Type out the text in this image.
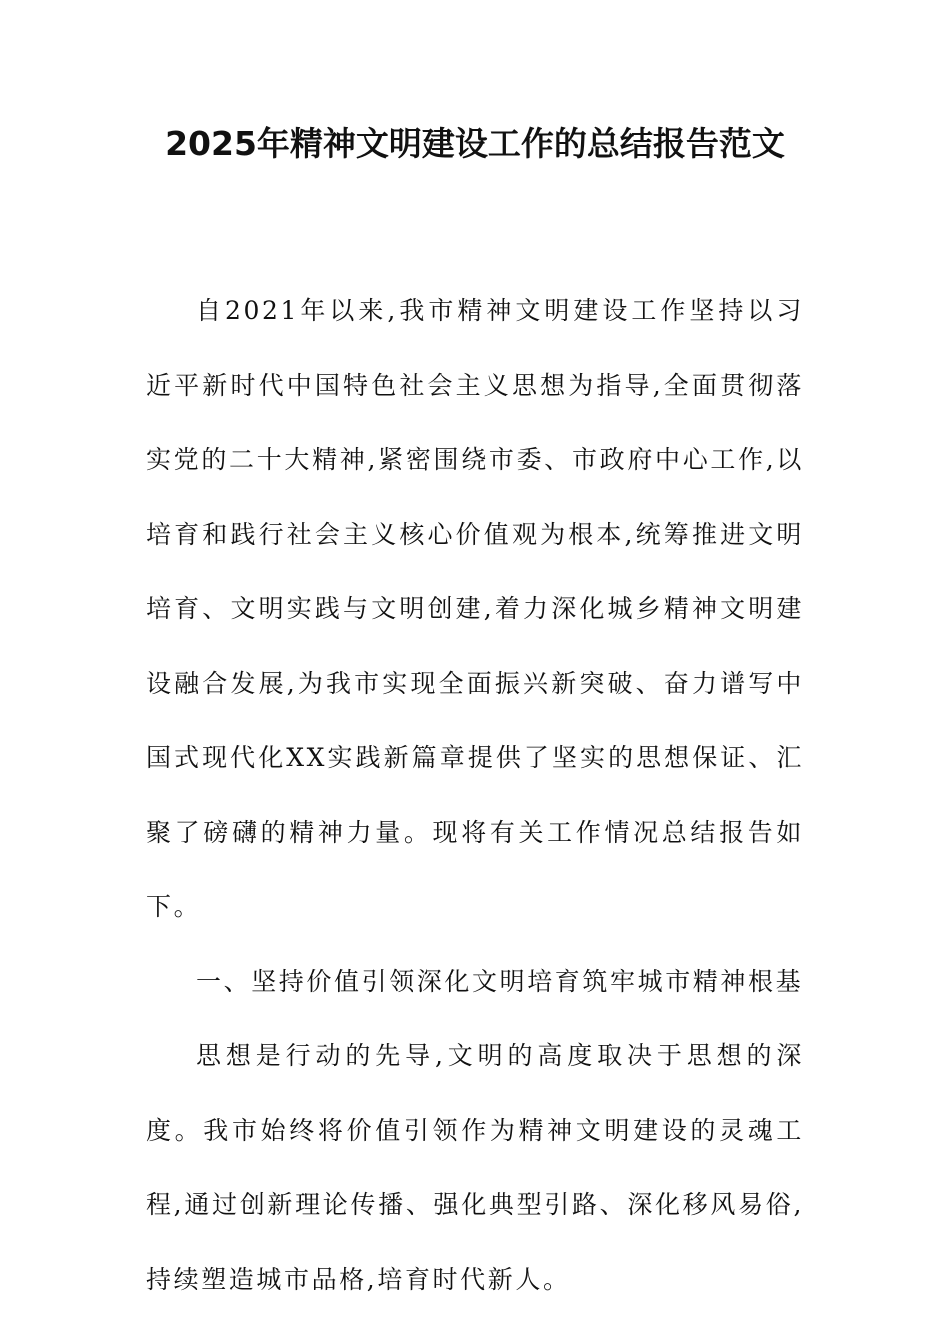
2025年精神文明建设工作的总结报告范文

自2021年以来,我市精神文明建设工作坚持以习近平新时代中国特色社会主义思想为指导,全面贯彻落实党的二十大精神,紧密围绕市委、市政府中心工作,以培育和践行社会主义核心价值观为根本,统筹推进文明培育、文明实践与文明创建,着力深化城乡精神文明建设融合发展,为我市实现全面振兴新突破、奋力谱写中国式现代化XX实践新篇章提供了坚实的思想保证、汇聚了磅礴的精神力量。现将有关工作情况总结报告如下。

一、坚持价值引领深化文明培育筑牢城市精神根基

思想是行动的先导,文明的高度取决于思想的深度。我市始终将价值引领作为精神文明建设的灵魂工程,通过创新理论传播、强化典型引路、深化移风易俗,持续塑造城市品格,培育时代新人。
